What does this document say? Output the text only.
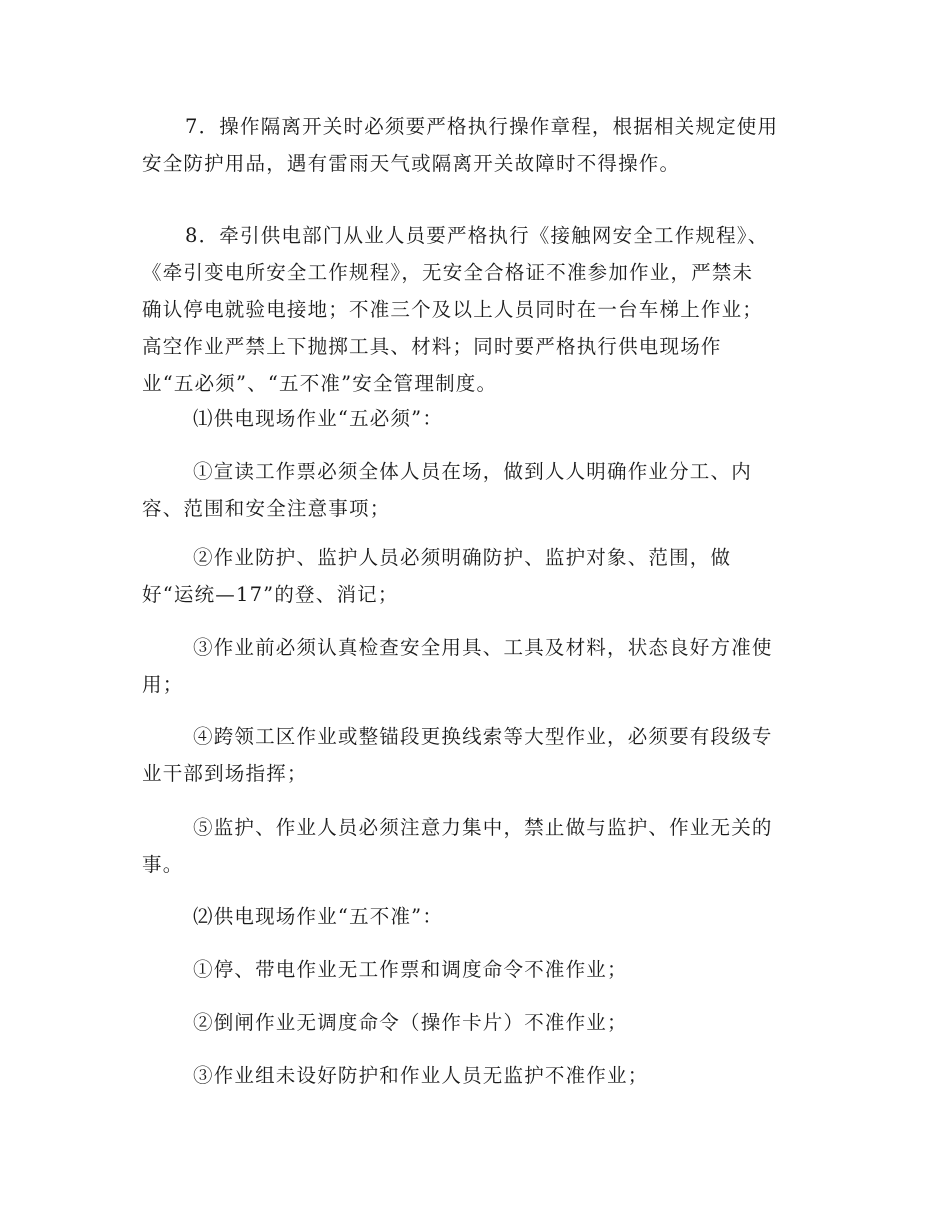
7．操作隔离开关时必须要严格执行操作章程，根据相关规定使用
安全防护用品，遇有雷雨天气或隔离开关故障时不得操作。
8．牵引供电部门从业人员要严格执行《接触网安全工作规程》、
《牵引变电所安全工作规程》，无安全合格证不准参加作业，严禁未
确认停电就验电接地；不准三个及以上人员同时在一台车梯上作业；
高空作业严禁上下抛掷工具、材料；同时要严格执行供电现场作
业“五必须”、“五不准”安全管理制度。
⑴供电现场作业“五必须”：
①宣读工作票必须全体人员在场，做到人人明确作业分工、内
容、范围和安全注意事项；
②作业防护、监护人员必须明确防护、监护对象、范围，做
好“运统—17”的登、消记；
③作业前必须认真检查安全用具、工具及材料，状态良好方准使
用；
④跨领工区作业或整锚段更换线索等大型作业，必须要有段级专
业干部到场指挥；
⑤监护、作业人员必须注意力集中，禁止做与监护、作业无关的
事。
⑵供电现场作业“五不准”：
①停、带电作业无工作票和调度命令不准作业；
②倒闸作业无调度命令（操作卡片）不准作业；
③作业组未设好防护和作业人员无监护不准作业；
